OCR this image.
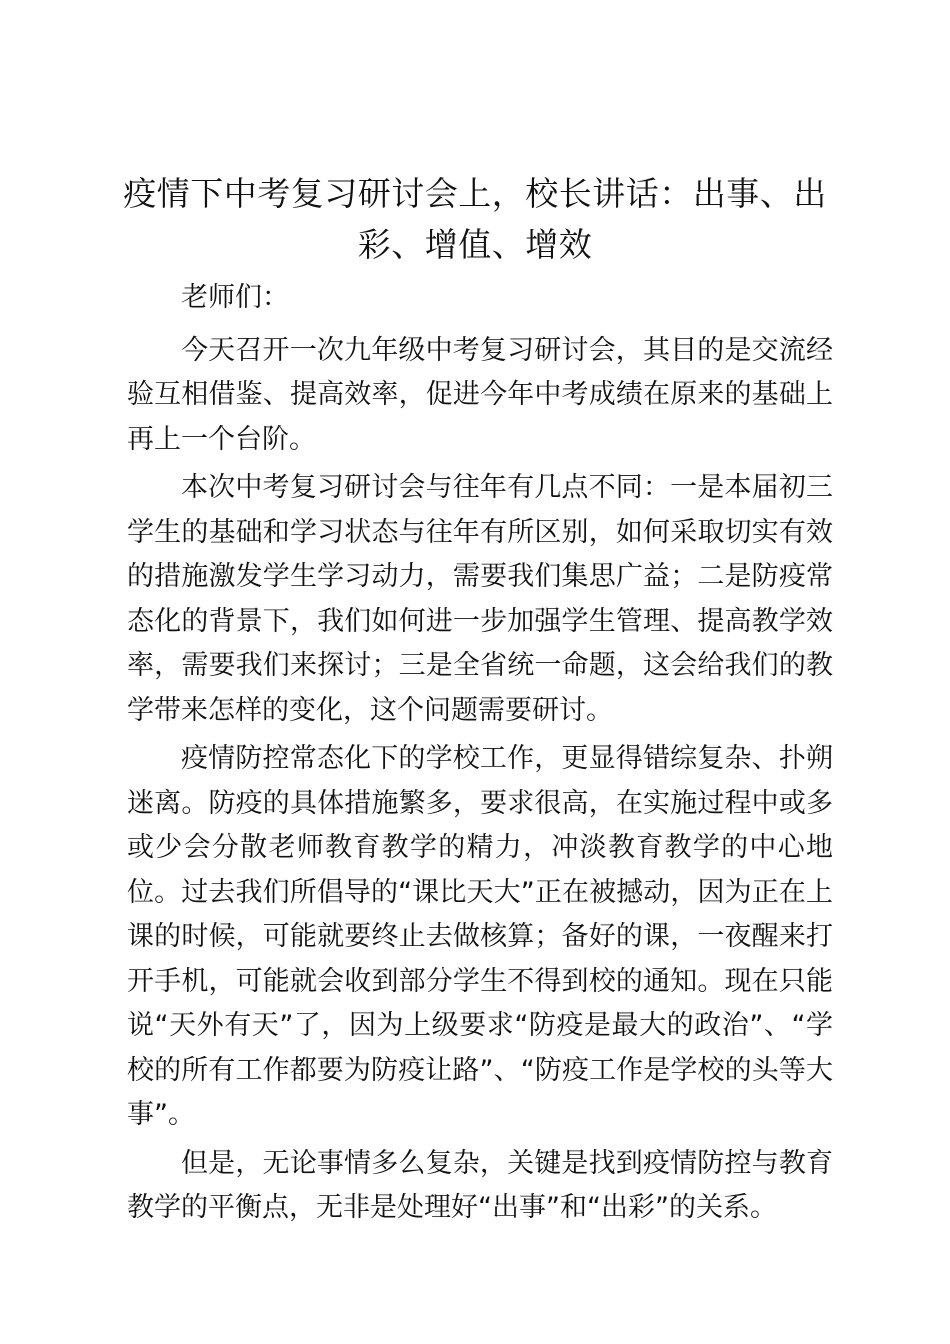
疫情下中考复习研讨会上，校长讲话：出事、出彩、增值、增效

老师们：

今天召开一次九年级中考复习研讨会，其目的是交流经验互相借鉴、提高效率，促进今年中考成绩在原来的基础上再上一个台阶。

本次中考复习研讨会与往年有几点不同：一是本届初三学生的基础和学习状态与往年有所区别，如何采取切实有效的措施激发学生学习动力，需要我们集思广益；二是防疫常态化的背景下，我们如何进一步加强学生管理、提高教学效率，需要我们来探讨；三是全省统一命题，这会给我们的教学带来怎样的变化，这个问题需要研讨。

疫情防控常态化下的学校工作，更显得错综复杂、扑朔迷离。防疫的具体措施繁多，要求很高，在实施过程中或多或少会分散老师教育教学的精力，冲淡教育教学的中心地位。过去我们所倡导的“课比天大”正在被撼动，因为正在上课的时候，可能就要终止去做核算；备好的课，一夜醒来打开手机，可能就会收到部分学生不得到校的通知。现在只能说“天外有天”了，因为上级要求“防疫是最大的政治”、“学校的所有工作都要为防疫让路”、“防疫工作是学校的头等大事”。

但是，无论事情多么复杂，关键是找到疫情防控与教育教学的平衡点，无非是处理好“出事”和“出彩”的关系。
